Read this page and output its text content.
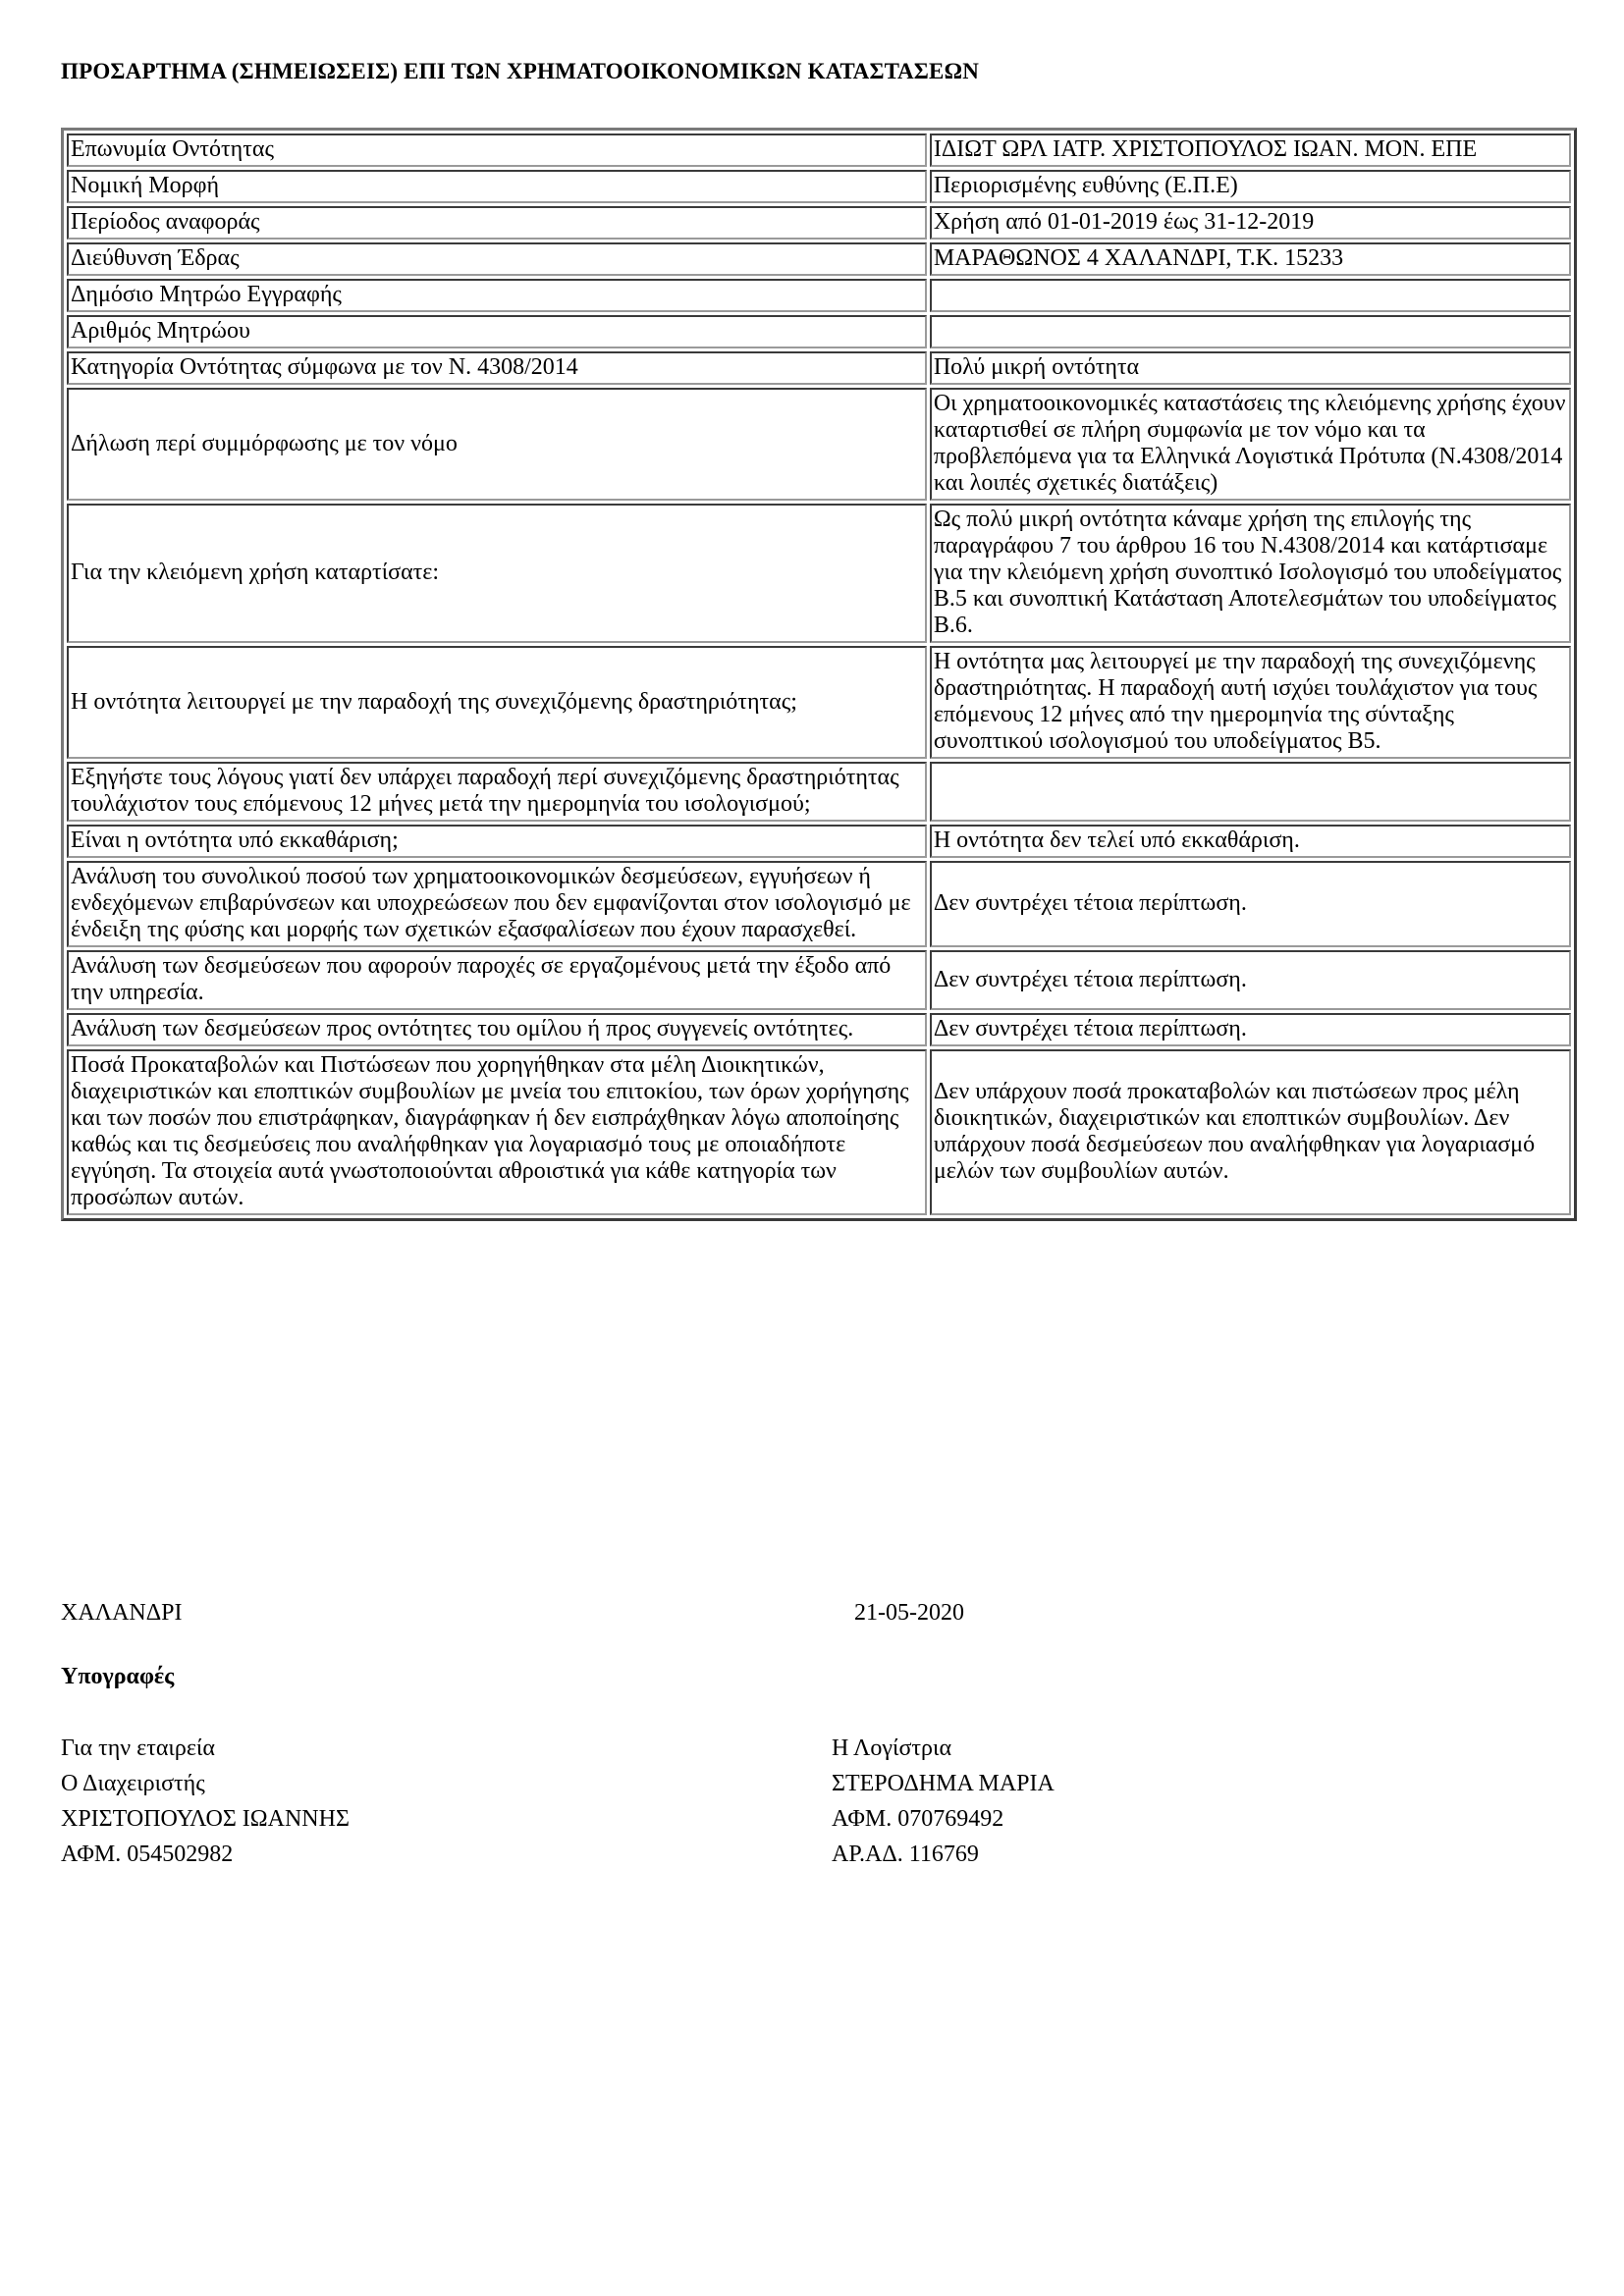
ΠΡΟΣΑΡΤΗΜΑ (ΣΗΜΕΙΩΣΕΙΣ) ΕΠΙ ΤΩΝ ΧΡΗΜΑΤΟΟΙΚΟΝΟΜΙΚΩΝ ΚΑΤΑΣΤΑΣΕΩΝ
Επωνυμία Οντότητας	ΙΔΙΩΤ ΩΡΛ ΙΑΤΡ. ΧΡΙΣΤΟΠΟΥΛΟΣ ΙΩΑΝ. ΜΟΝ. ΕΠΕ
Νομική Μορφή	Περιορισμένης ευθύνης (Ε.Π.Ε)
Περίοδος αναφοράς	Χρήση από 01-01-2019 έως 31-12-2019
Διεύθυνση Έδρας	ΜΑΡΑΘΩΝΟΣ 4 ΧΑΛΑΝΔΡΙ, Τ.Κ. 15233
Δημόσιο Μητρώο Εγγραφής	
Αριθμός Μητρώου	
Κατηγορία Οντότητας σύμφωνα με τον Ν. 4308/2014	Πολύ μικρή οντότητα
Δήλωση περί συμμόρφωσης με τον νόμο	Οι χρηματοοικονομικές καταστάσεις της κλειόμενης χρήσης έχουν καταρτισθεί σε πλήρη συμφωνία με τον νόμο και τα προβλεπόμενα για τα Ελληνικά Λογιστικά Πρότυπα (Ν.4308/2014 και λοιπές σχετικές διατάξεις)
Για την κλειόμενη χρήση καταρτίσατε:	Ως πολύ μικρή οντότητα κάναμε χρήση της επιλογής της παραγράφου 7 του άρθρου 16 του Ν.4308/2014 και κατάρτισαμε για την κλειόμενη χρήση συνοπτικό Ισολογισμό του υποδείγματος Β.5 και συνοπτική Κατάσταση Αποτελεσμάτων του υποδείγματος Β.6.
Η οντότητα λειτουργεί με την παραδοχή της συνεχιζόμενης δραστηριότητας;	Η οντότητα μας λειτουργεί με την παραδοχή της συνεχιζόμενης δραστηριότητας. Η παραδοχή αυτή ισχύει τουλάχιστον για τους επόμενους 12 μήνες από την ημερομηνία της σύνταξης συνοπτικού ισολογισμού του υποδείγματος Β5.
Εξηγήστε τους λόγους γιατί δεν υπάρχει παραδοχή περί συνεχιζόμενης δραστηριότητας τουλάχιστον τους επόμενους 12 μήνες μετά την ημερομηνία του ισολογισμού;	
Είναι η οντότητα υπό εκκαθάριση;	Η οντότητα δεν τελεί υπό εκκαθάριση.
Ανάλυση του συνολικού ποσού των χρηματοοικονομικών δεσμεύσεων, εγγυήσεων ή ενδεχόμενων επιβαρύνσεων και υποχρεώσεων που δεν εμφανίζονται στον ισολογισμό με ένδειξη της φύσης και μορφής των σχετικών εξασφαλίσεων που έχουν παρασχεθεί.	Δεν συντρέχει τέτοια περίπτωση.
Ανάλυση των δεσμεύσεων που αφορούν παροχές σε εργαζομένους μετά την έξοδο από την υπηρεσία.	Δεν συντρέχει τέτοια περίπτωση.
Ανάλυση των δεσμεύσεων προς οντότητες του ομίλου ή προς συγγενείς οντότητες.	Δεν συντρέχει τέτοια περίπτωση.
Ποσά Προκαταβολών και Πιστώσεων που χορηγήθηκαν στα μέλη Διοικητικών, διαχειριστικών και εποπτικών συμβουλίων με μνεία του επιτοκίου, των όρων χορήγησης και των ποσών που επιστράφηκαν, διαγράφηκαν ή δεν εισπράχθηκαν λόγω αποποίησης καθώς και τις δεσμεύσεις που αναλήφθηκαν για λογαριασμό τους με οποιαδήποτε εγγύηση. Τα στοιχεία αυτά γνωστοποιούνται αθροιστικά για κάθε κατηγορία των προσώπων αυτών.	Δεν υπάρχουν ποσά προκαταβολών και πιστώσεων προς μέλη διοικητικών, διαχειριστικών και εποπτικών συμβουλίων. Δεν υπάρχουν ποσά δεσμεύσεων που αναλήφθηκαν για λογαριασμό μελών των συμβουλίων αυτών.
ΧΑΛΑΝΔΡΙ	21-05-2020
Υπογραφές
Για την εταιρεία
Ο Διαχειριστής
ΧΡΙΣΤΟΠΟΥΛΟΣ ΙΩΑΝΝΗΣ
ΑΦΜ. 054502982
Η Λογίστρια
ΣΤΕΡΟΔΗΜΑ ΜΑΡΙΑ
ΑΦΜ. 070769492
ΑΡ.ΑΔ. 116769
